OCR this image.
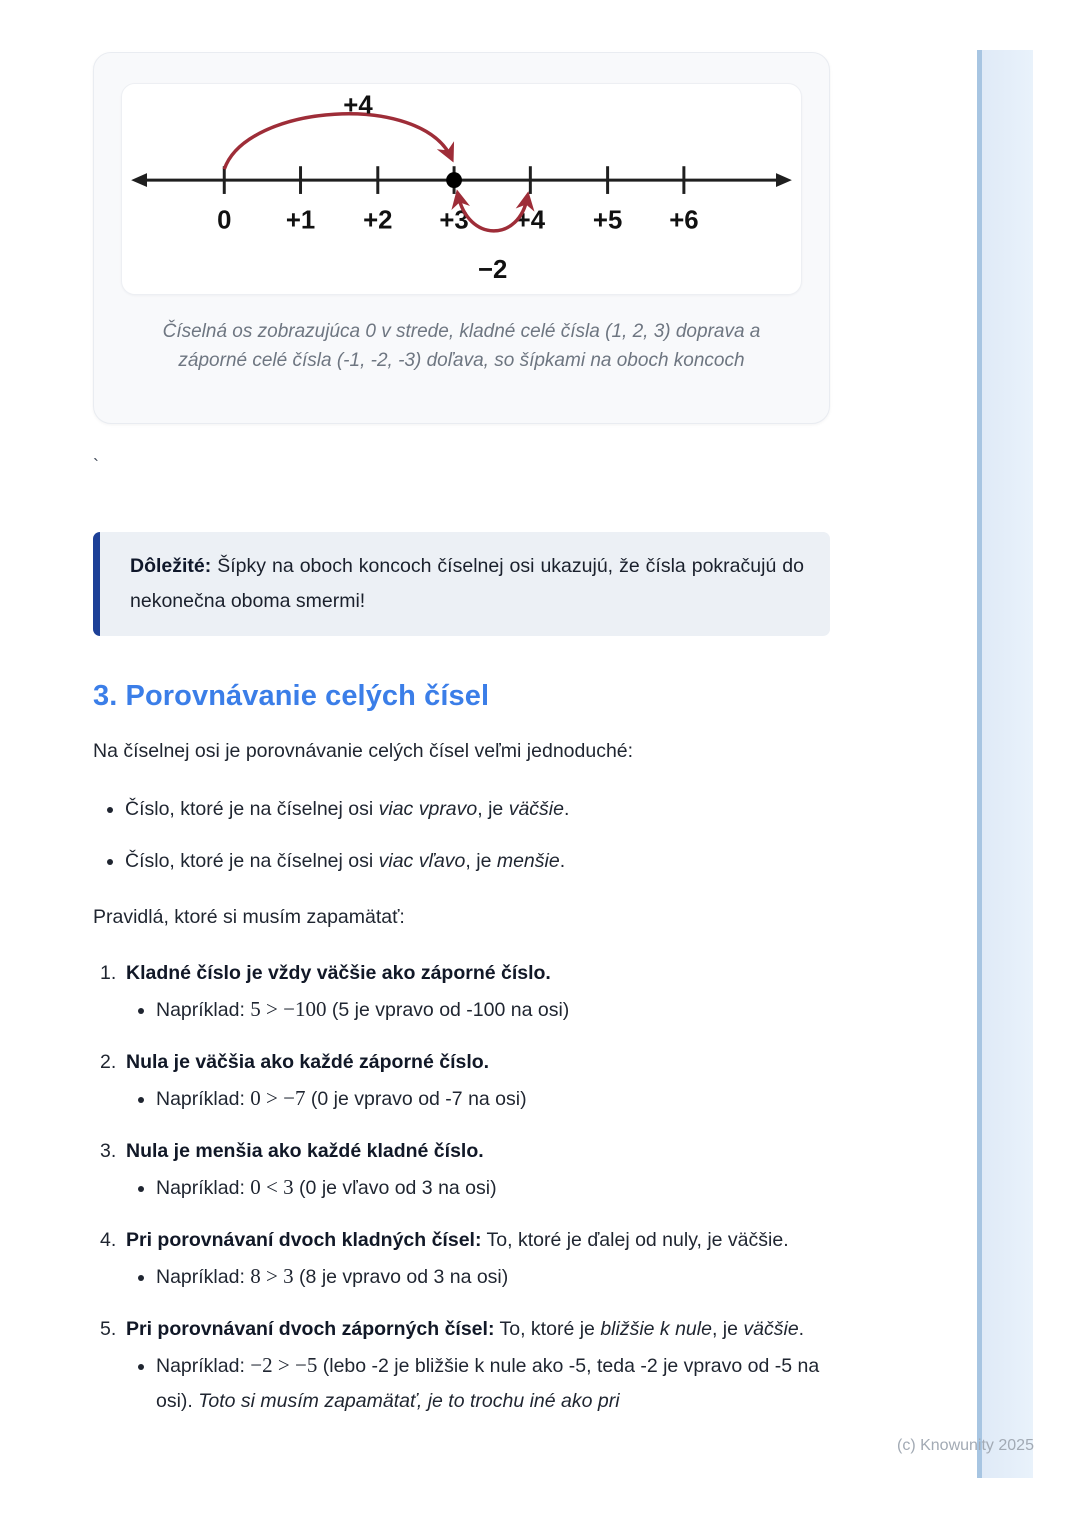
0 +1 +2 +3 +4 +5 +6
+4
−2
Číselná os zobrazujúca 0 v strede, kladné celé čísla (1, 2, 3) doprava a
záporné celé čísla (-1, -2, -3) doľava, so šípkami na oboch koncoch
`
Dôležité: Šípky na oboch koncoch číselnej osi ukazujú, že čísla pokračujú do nekonečna oboma smermi!
3. Porovnávanie celých čísel

Na číselnej osi je porovnávanie celých čísel veľmi jednoduché:

• Číslo, ktoré je na číselnej osi viac vpravo, je väčšie.
• Číslo, ktoré je na číselnej osi viac vľavo, je menšie.

Pravidlá, ktoré si musím zapamätať:

Kladné číslo je vždy väčšie ako záporné číslo.
• Napríklad: 5 > −100 (5 je vpravo od -100 na osi)
Nula je väčšia ako každé záporné číslo.
• Napríklad: 0 > −7 (0 je vpravo od -7 na osi)
Nula je menšia ako každé kladné číslo.
• Napríklad: 0 < 3 (0 je vľavo od 3 na osi)
Pri porovnávaní dvoch kladných čísel: To, ktoré je ďalej od nuly, je väčšie.
• Napríklad: 8 > 3 (8 je vpravo od 3 na osi)
Pri porovnávaní dvoch záporných čísel: To, ktoré je bližšie k nule, je väčšie.
• Napríklad: −2 > −5 (lebo -2 je bližšie k nule ako -5, teda -2 je vpravo od -5 na osi). Toto si musím zapamätať, je to trochu iné ako pri
(c) Knowunity 2025
